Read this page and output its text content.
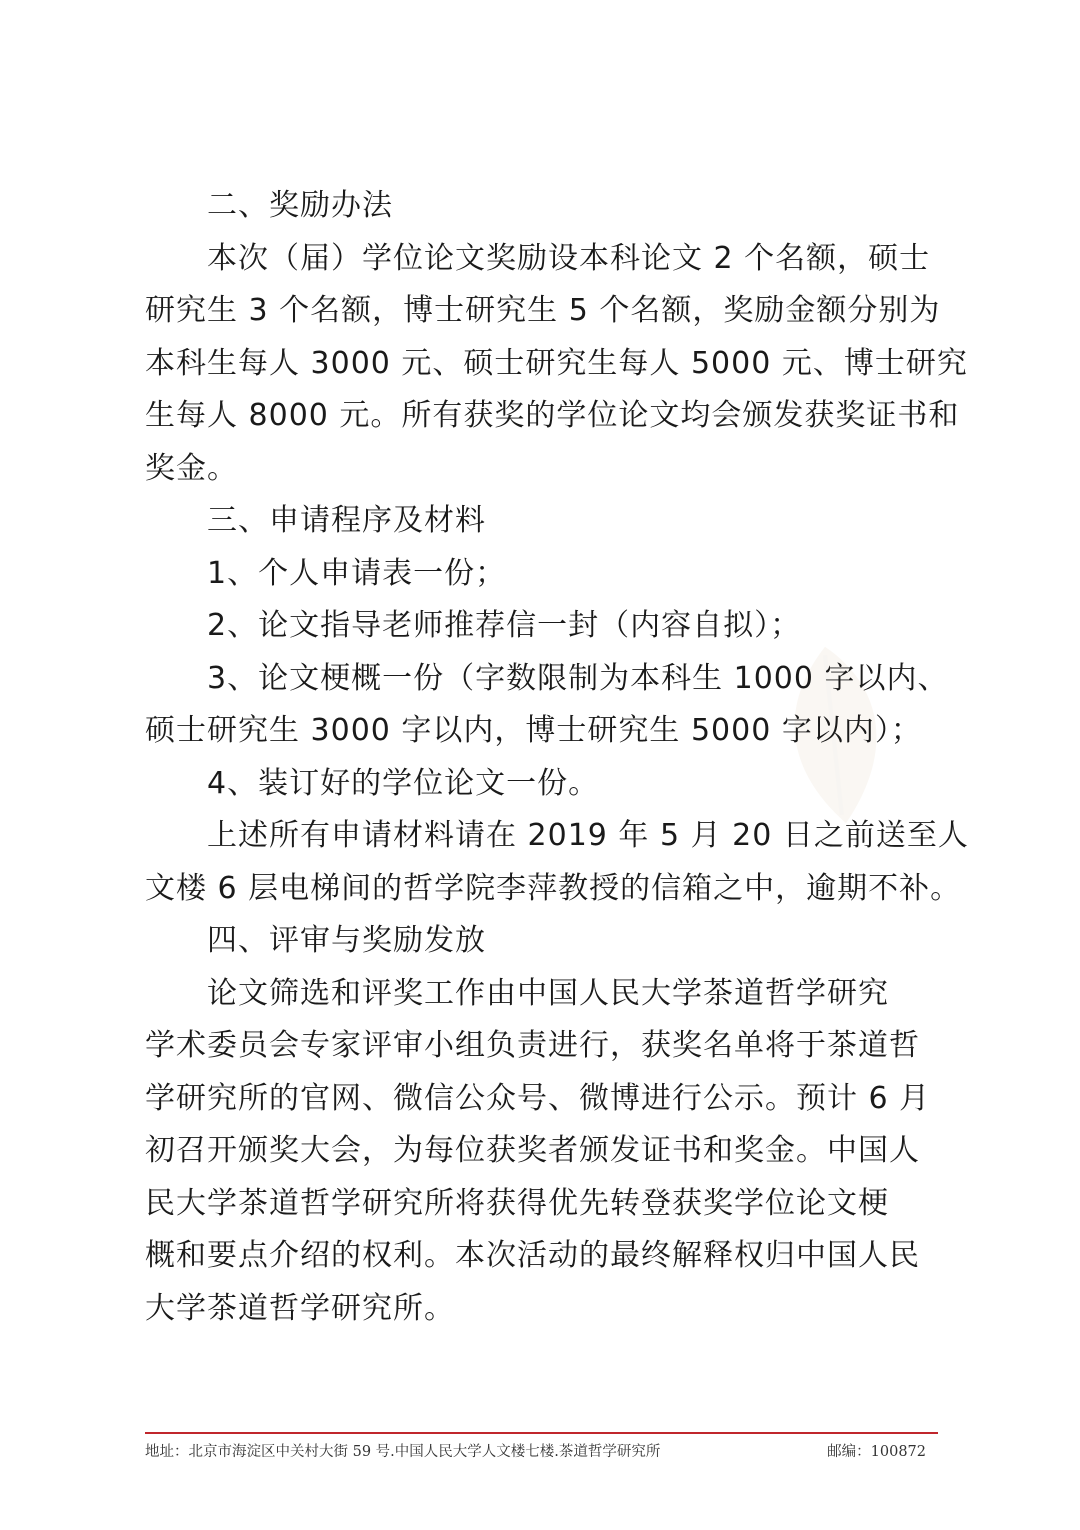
二、奖励办法
本次（届）学位论文奖励设本科论文 2 个名额，硕士
研究生 3 个名额，博士研究生 5 个名额，奖励金额分别为
本科生每人 3000 元、硕士研究生每人 5000 元、博士研究
生每人 8000 元。所有获奖的学位论文均会颁发获奖证书和
奖金。
三、申请程序及材料
1、个人申请表一份；
2、论文指导老师推荐信一封（内容自拟）；
3、论文梗概一份（字数限制为本科生 1000 字以内、
硕士研究生 3000 字以内，博士研究生 5000 字以内）；
4、装订好的学位论文一份。
上述所有申请材料请在 2019 年 5 月 20 日之前送至人
文楼 6 层电梯间的哲学院李萍教授的信箱之中，逾期不补。
四、评审与奖励发放
论文筛选和评奖工作由中国人民大学茶道哲学研究
学术委员会专家评审小组负责进行，获奖名单将于茶道哲
学研究所的官网、微信公众号、微博进行公示。预计 6 月
初召开颁奖大会，为每位获奖者颁发证书和奖金。中国人
民大学茶道哲学研究所将获得优先转登获奖学位论文梗
概和要点介绍的权利。本次活动的最终解释权归中国人民
大学茶道哲学研究所。
地址：北京市海淀区中关村大街 59 号.中国人民大学人文楼七楼.茶道哲学研究所	邮编：100872
